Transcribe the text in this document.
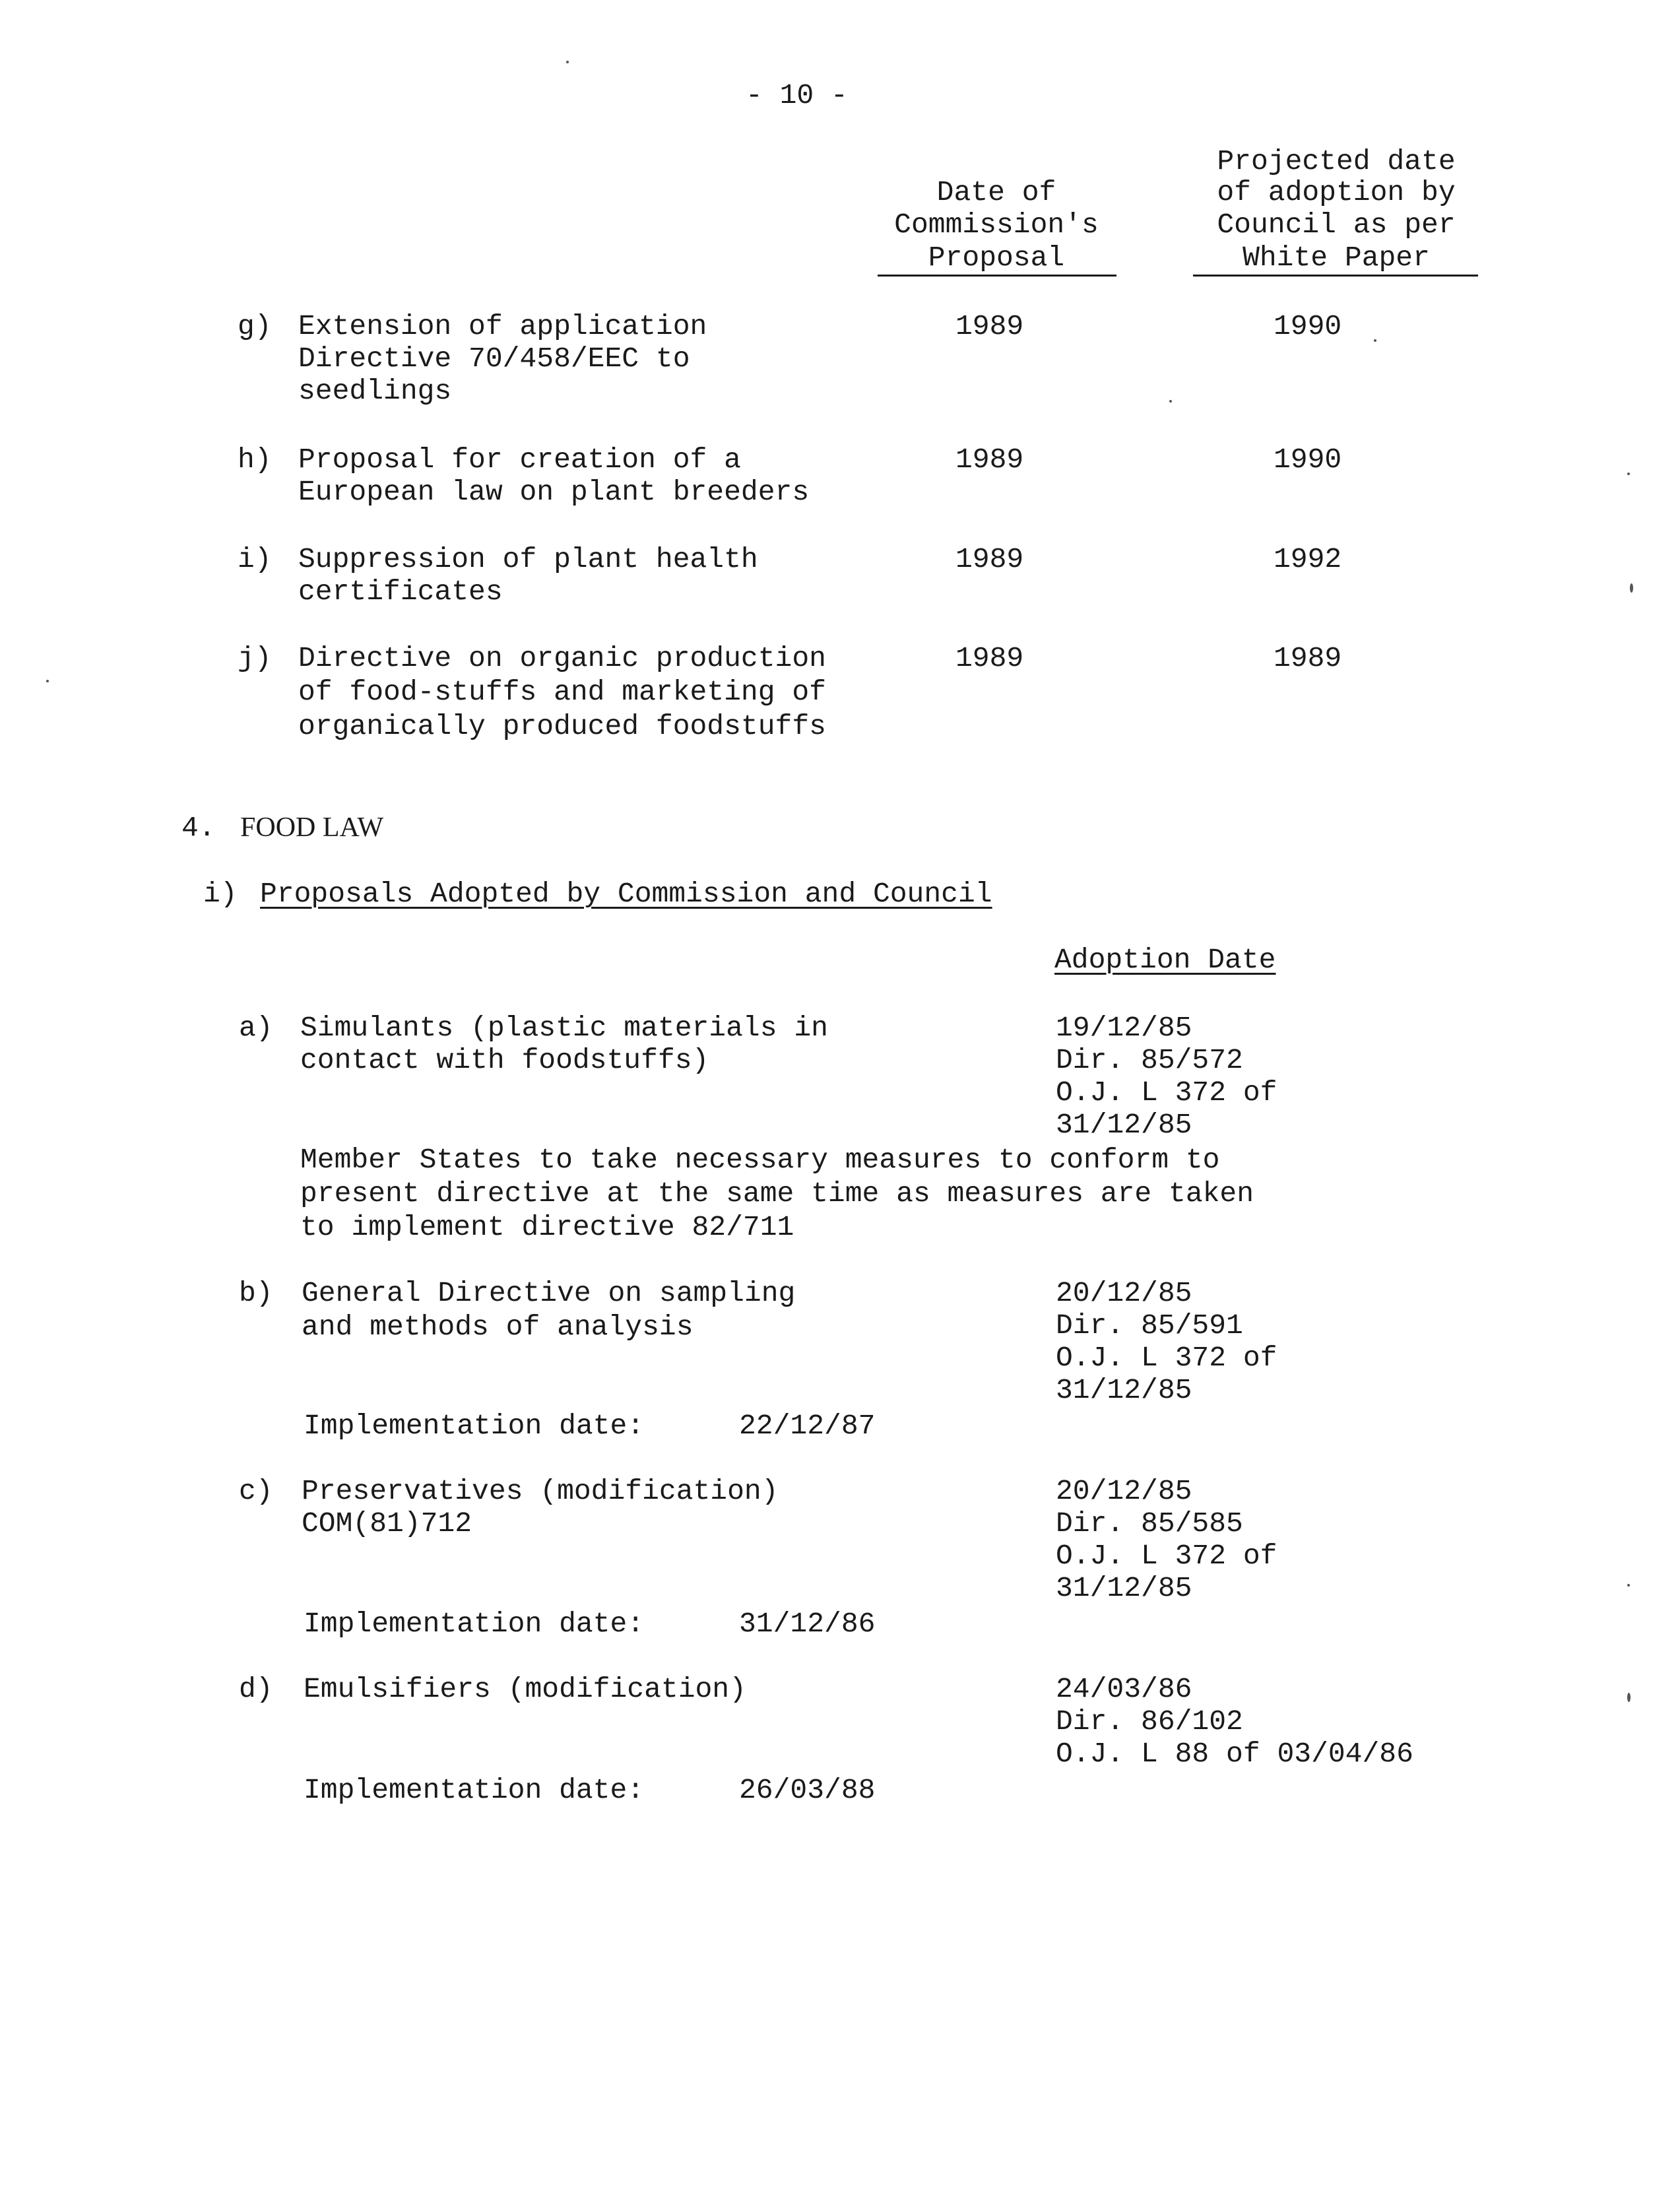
- 10 -
Date of
Commission's
Proposal
Projected date
of adoption by
Council as per
White Paper
g) Extension of application
Directive 70/458/EEC to
seedlings
1989	1990
h) Proposal for creation of a
European law on plant breeders
1989	1990
i) Suppression of plant health
certificates
1989	1992
j) Directive on organic production
of food-stuffs and marketing of
organically produced foodstuffs
1989	1989
4. FOOD LAW
i) Proposals Adopted by Commission and Council
Adoption Date
a) Simulants (plastic materials in
contact with foodstuffs)
19/12/85
Dir. 85/572
O.J. L 372 of
31/12/85
Member States to take necessary measures to conform to
present directive at the same time as measures are taken
to implement directive 82/711
b) General Directive on sampling
and methods of analysis
20/12/85
Dir. 85/591
O.J. L 372 of
31/12/85
Implementation date:	22/12/87
c) Preservatives (modification)
COM(81)712
20/12/85
Dir. 85/585
O.J. L 372 of
31/12/85
Implementation date:	31/12/86
d) Emulsifiers (modification)	24/03/86
Dir. 86/102
O.J. L 88 of 03/04/86
Implementation date:	26/03/88
